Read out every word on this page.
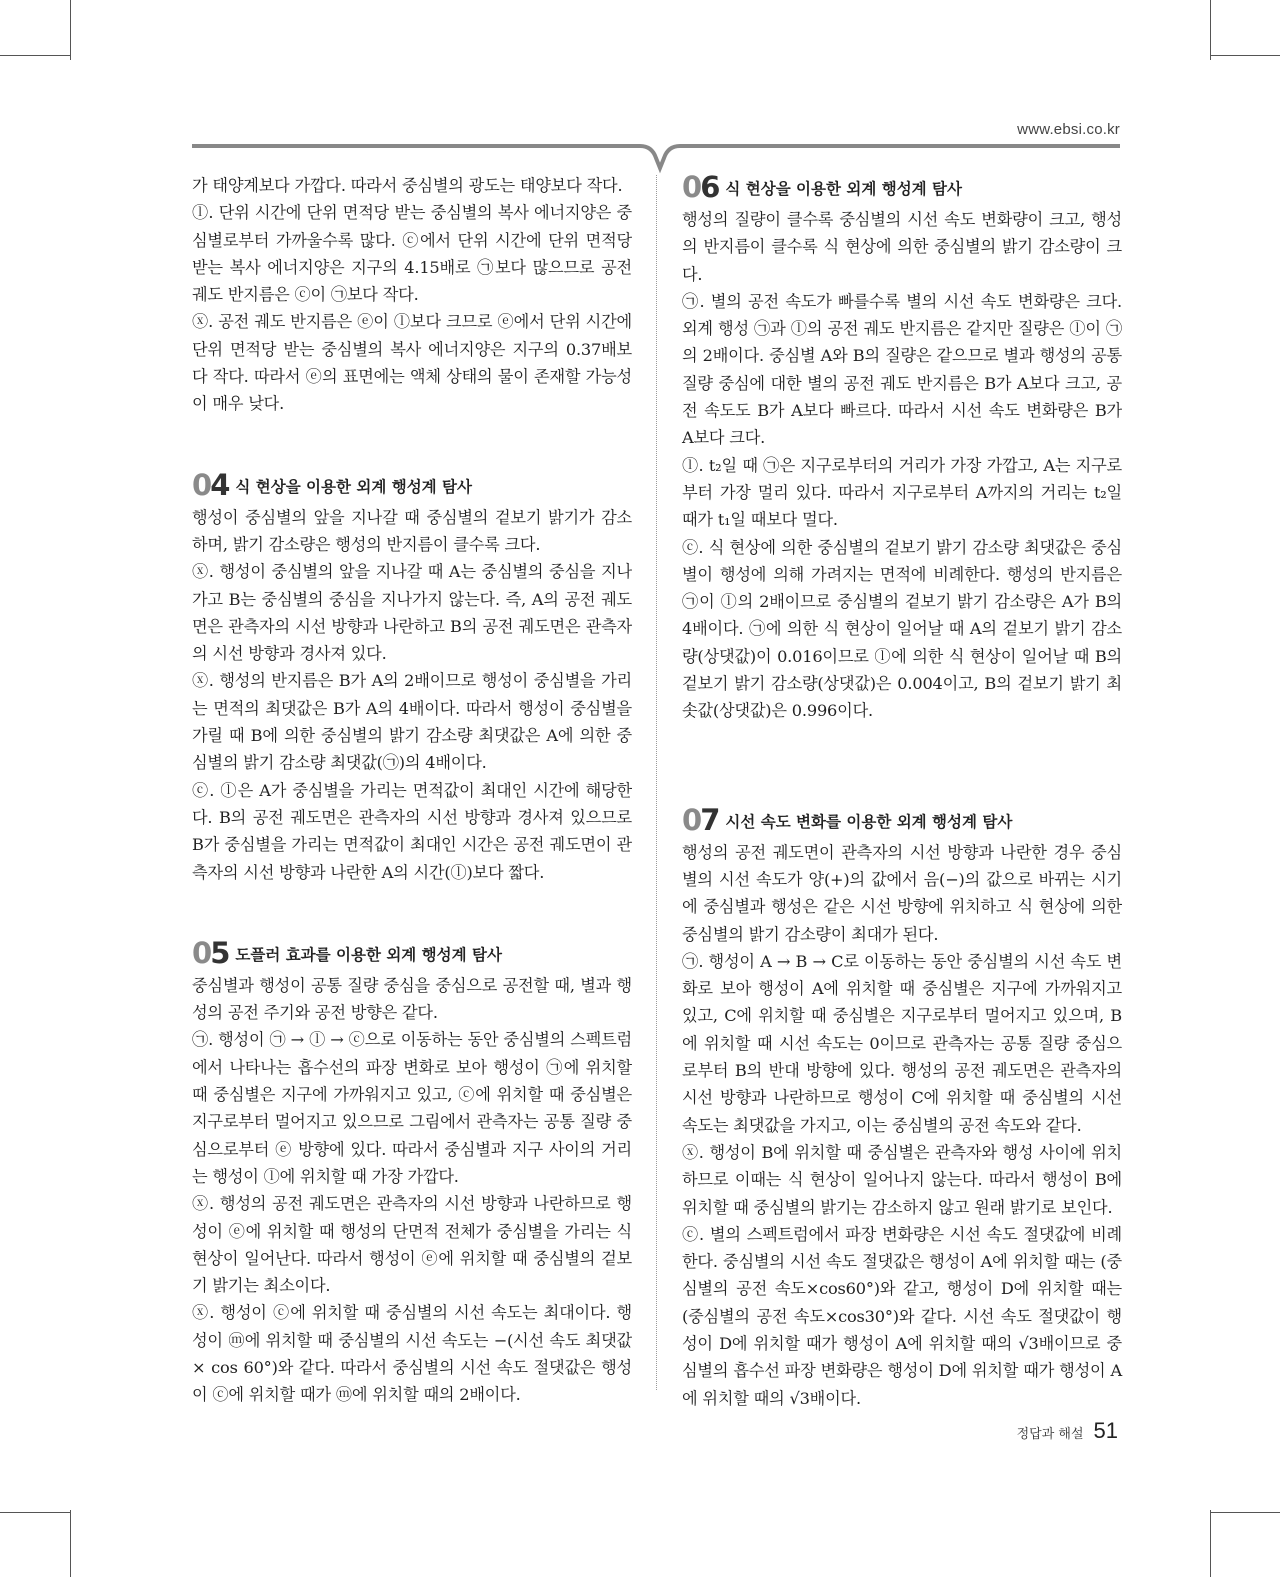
www.ebsi.co.kr

가 태양계보다 가깝다. 따라서 중심별의 광도는 태양보다 작다.

ⓛ. 단위 시간에 단위 면적당 받는 중심별의 복사 에너지양은 중심별로부터 가까울수록 많다. ⓒ에서 단위 시간에 단위 면적당 받는 복사 에너지양은 지구의 4.15배로 ㉠보다 많으므로 공전 궤도 반지름은 ⓒ이 ㉠보다 작다.

ⓧ. 공전 궤도 반지름은 ⓔ이 ⓛ보다 크므로 ⓔ에서 단위 시간에 단위 면적당 받는 중심별의 복사 에너지양은 지구의 0.37배보다 작다. 따라서 ⓔ의 표면에는 액체 상태의 물이 존재할 가능성이 매우 낮다.

04 식 현상을 이용한 외계 행성계 탐사

행성이 중심별의 앞을 지나갈 때 중심별의 겉보기 밝기가 감소하며, 밝기 감소량은 행성의 반지름이 클수록 크다.

ⓧ. 행성이 중심별의 앞을 지나갈 때 A는 중심별의 중심을 지나가고 B는 중심별의 중심을 지나가지 않는다. 즉, A의 공전 궤도면은 관측자의 시선 방향과 나란하고 B의 공전 궤도면은 관측자의 시선 방향과 경사져 있다.

ⓧ. 행성의 반지름은 B가 A의 2배이므로 행성이 중심별을 가리는 면적의 최댓값은 B가 A의 4배이다. 따라서 행성이 중심별을 가릴 때 B에 의한 중심별의 밝기 감소량 최댓값은 A에 의한 중심별의 밝기 감소량 최댓값(㉠)의 4배이다.

ⓒ. ⓛ은 A가 중심별을 가리는 면적값이 최대인 시간에 해당한다. B의 공전 궤도면은 관측자의 시선 방향과 경사져 있으므로 B가 중심별을 가리는 면적값이 최대인 시간은 공전 궤도면이 관측자의 시선 방향과 나란한 A의 시간(ⓛ)보다 짧다.

05 도플러 효과를 이용한 외계 행성계 탐사

중심별과 행성이 공통 질량 중심을 중심으로 공전할 때, 별과 행성의 공전 주기와 공전 방향은 같다.

㉠. 행성이 ㉠ → ⓛ → ⓒ으로 이동하는 동안 중심별의 스펙트럼에서 나타나는 흡수선의 파장 변화로 보아 행성이 ㉠에 위치할 때 중심별은 지구에 가까워지고 있고, ⓒ에 위치할 때 중심별은 지구로부터 멀어지고 있으므로 그림에서 관측자는 공통 질량 중심으로부터 ⓔ 방향에 있다. 따라서 중심별과 지구 사이의 거리는 행성이 ⓛ에 위치할 때 가장 가깝다.

ⓧ. 행성의 공전 궤도면은 관측자의 시선 방향과 나란하므로 행성이 ⓔ에 위치할 때 행성의 단면적 전체가 중심별을 가리는 식 현상이 일어난다. 따라서 행성이 ⓔ에 위치할 때 중심별의 겉보기 밝기는 최소이다.

ⓧ. 행성이 ⓒ에 위치할 때 중심별의 시선 속도는 최대이다. 행성이 ⓜ에 위치할 때 중심별의 시선 속도는 −(시선 속도 최댓값× cos 60°)와 같다. 따라서 중심별의 시선 속도 절댓값은 행성이 ⓒ에 위치할 때가 ⓜ에 위치할 때의 2배이다.

06 식 현상을 이용한 외계 행성계 탐사

행성의 질량이 클수록 중심별의 시선 속도 변화량이 크고, 행성의 반지름이 클수록 식 현상에 의한 중심별의 밝기 감소량이 크다.

㉠. 별의 공전 속도가 빠를수록 별의 시선 속도 변화량은 크다. 외계 행성 ㉠과 ⓛ의 공전 궤도 반지름은 같지만 질량은 ⓛ이 ㉠의 2배이다. 중심별 A와 B의 질량은 같으므로 별과 행성의 공통 질량 중심에 대한 별의 공전 궤도 반지름은 B가 A보다 크고, 공전 속도도 B가 A보다 빠르다. 따라서 시선 속도 변화량은 B가 A보다 크다.

ⓛ. t₂일 때 ㉠은 지구로부터의 거리가 가장 가깝고, A는 지구로부터 가장 멀리 있다. 따라서 지구로부터 A까지의 거리는 t₂일 때가 t₁일 때보다 멀다.

ⓒ. 식 현상에 의한 중심별의 겉보기 밝기 감소량 최댓값은 중심별이 행성에 의해 가려지는 면적에 비례한다. 행성의 반지름은 ㉠이 ⓛ의 2배이므로 중심별의 겉보기 밝기 감소량은 A가 B의 4배이다. ㉠에 의한 식 현상이 일어날 때 A의 겉보기 밝기 감소량(상댓값)이 0.016이므로 ⓛ에 의한 식 현상이 일어날 때 B의 겉보기 밝기 감소량(상댓값)은 0.004이고, B의 겉보기 밝기 최솟값(상댓값)은 0.996이다.

07 시선 속도 변화를 이용한 외계 행성계 탐사

행성의 공전 궤도면이 관측자의 시선 방향과 나란한 경우 중심별의 시선 속도가 양(+)의 값에서 음(−)의 값으로 바뀌는 시기에 중심별과 행성은 같은 시선 방향에 위치하고 식 현상에 의한 중심별의 밝기 감소량이 최대가 된다.

㉠. 행성이 A → B → C로 이동하는 동안 중심별의 시선 속도 변화로 보아 행성이 A에 위치할 때 중심별은 지구에 가까워지고 있고, C에 위치할 때 중심별은 지구로부터 멀어지고 있으며, B에 위치할 때 시선 속도는 0이므로 관측자는 공통 질량 중심으로부터 B의 반대 방향에 있다. 행성의 공전 궤도면은 관측자의 시선 방향과 나란하므로 행성이 C에 위치할 때 중심별의 시선 속도는 최댓값을 가지고, 이는 중심별의 공전 속도와 같다.

ⓧ. 행성이 B에 위치할 때 중심별은 관측자와 행성 사이에 위치하므로 이때는 식 현상이 일어나지 않는다. 따라서 행성이 B에 위치할 때 중심별의 밝기는 감소하지 않고 원래 밝기로 보인다.

ⓒ. 별의 스펙트럼에서 파장 변화량은 시선 속도 절댓값에 비례한다. 중심별의 시선 속도 절댓값은 행성이 A에 위치할 때는 (중심별의 공전 속도×cos60°)와 같고, 행성이 D에 위치할 때는 (중심별의 공전 속도×cos30°)와 같다. 시선 속도 절댓값이 행성이 D에 위치할 때가 행성이 A에 위치할 때의 √3배이므로 중심별의 흡수선 파장 변화량은 행성이 D에 위치할 때가 행성이 A에 위치할 때의 √3배이다.

정답과 해설 51
